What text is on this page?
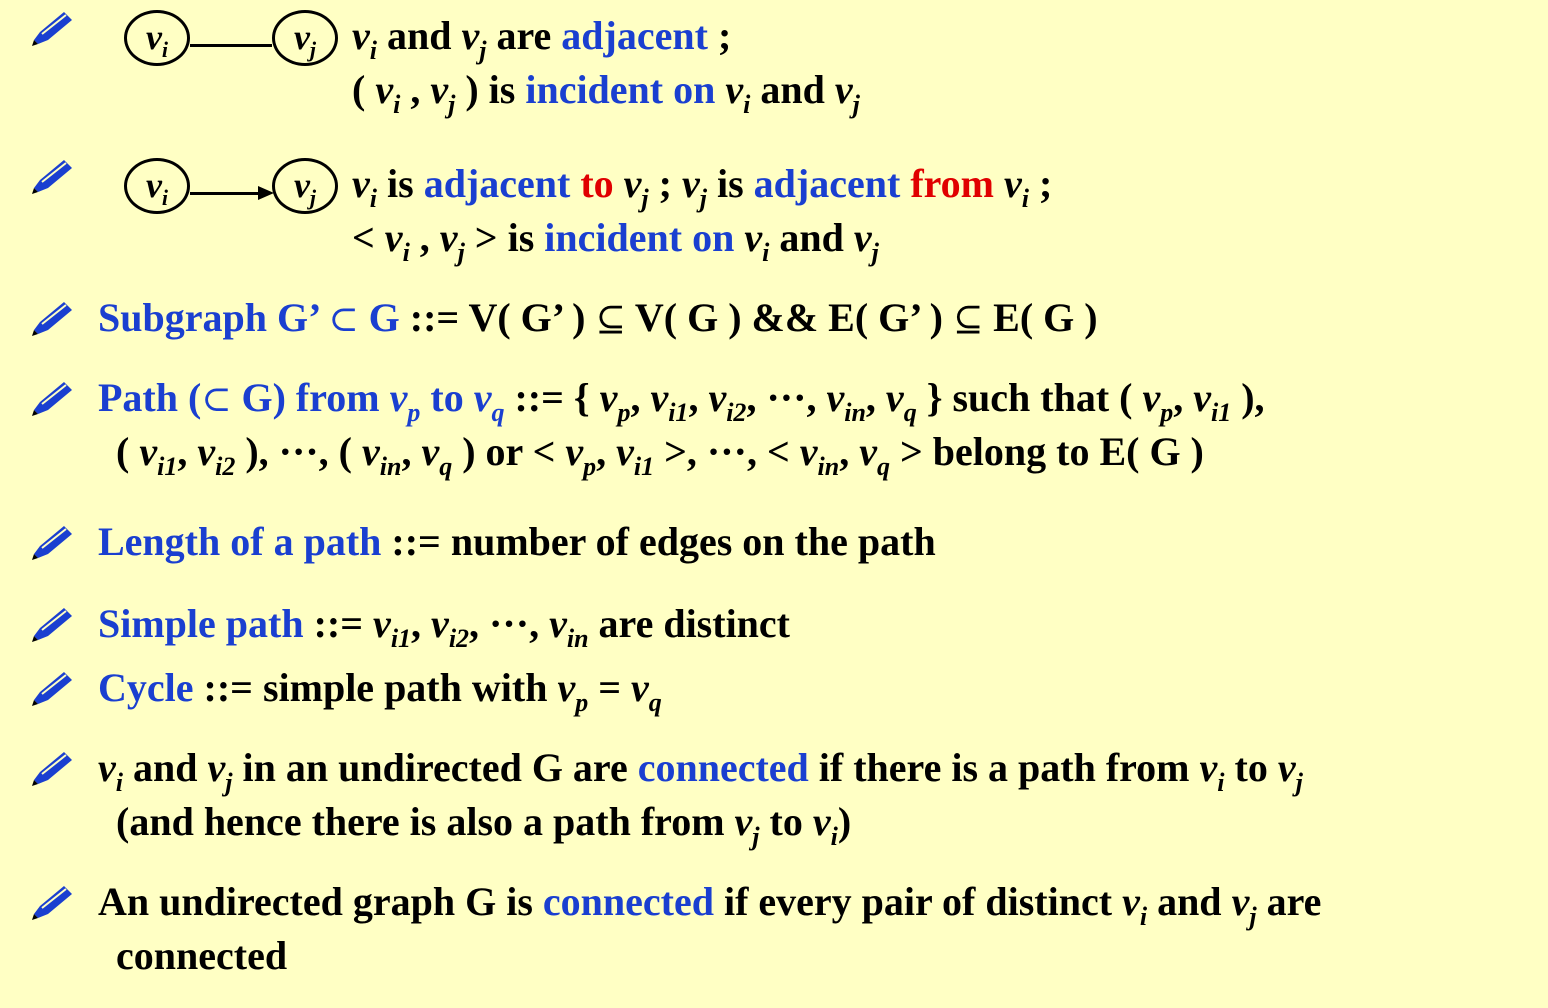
$v_i$	$v_j$ $v_i$ and $v_j$ are adjacent ;
( $v_i$ , $v_j$ ) is incident on $v_i$ and $v_j$
$v_i$	$v_j$ $v_i$ is adjacent to $v_j$ ; $v_j$ is adjacent from $v_i$ ;
< $v_i$ , $v_j$ > is incident on $v_i$ and $v_j$
Subgraph G’ ⊂ G ::= V( G’ ) ⊆ V( G ) && E( G’ ) ⊆ E( G )
Path (⊂ G) from $v_p$ to $v_q$ ::= { $v_p$, $v_{i1}$, $v_{i2}$, ···, $v_{in}$, $v_q$ } such that ( $v_p$, $v_{i1}$ ),
( $v_{i1}$, $v_{i2}$ ), ···, ( $v_{in}$, $v_q$ ) or < $v_p$, $v_{i1}$ >, ···, < $v_{in}$, $v_q$ > belong to E( G )
Length of a path ::= number of edges on the path
Simple path ::= $v_{i1}$, $v_{i2}$, ···, $v_{in}$ are distinct
Cycle ::= simple path with $v_p = v_q$
$v_i$ and $v_j$ in an undirected G are connected if there is a path from $v_i$ to $v_j$
(and hence there is also a path from $v_j$ to $v_i$)
An undirected graph G is connected if every pair of distinct $v_i$ and $v_j$ are
connected
